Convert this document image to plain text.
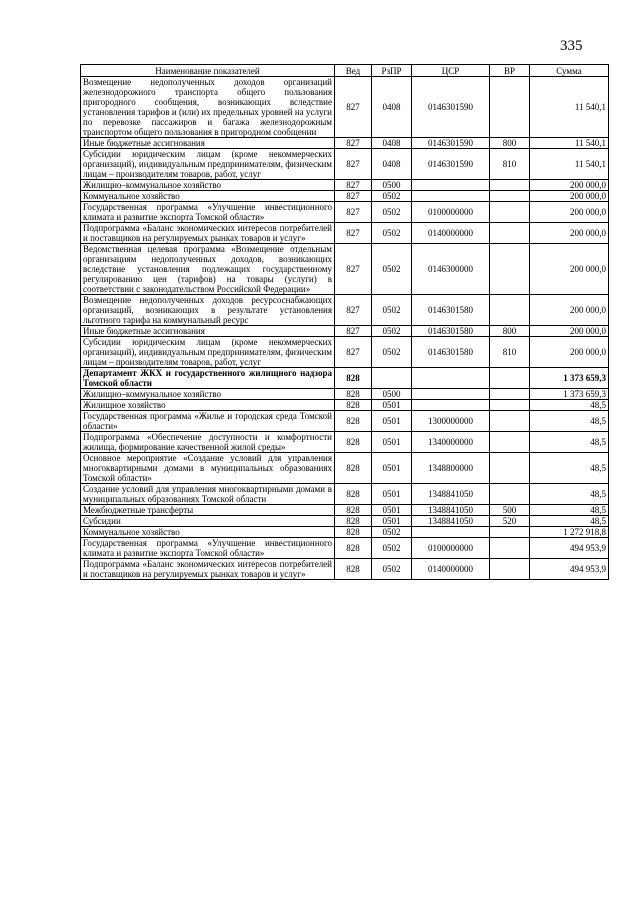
335
Наименование показателей	Вед	РзПР	ЦСР	ВР	Сумма
Возмещение недополученных доходов организаций железнодорожного транспорта общего пользования пригородного сообщения, возникающих вследствие установления тарифов и (или) их предельных уровней на услуги по перевозке пассажиров и багажа железнодорожным транспортом общего пользования в пригородном сообщении	827	0408	0146301590		11 540,1
Иные бюджетные ассигнования	827	0408	0146301590	800	11 540,1
Субсидии юридическим лицам (кроме некоммерческих организаций), индивидуальным предпринимателям, физическим лицам – производителям товаров, работ, услуг	827	0408	0146301590	810	11 540,1
Жилищно–коммунальное хозяйство	827	0500			200 000,0
Коммунальное хозяйство	827	0502			200 000,0
Государственная программа «Улучшение инвестиционного климата и развитие экспорта Томской области»	827	0502	0100000000		200 000,0
Подпрограмма «Баланс экономических интересов потребителей и поставщиков на регулируемых рынках товаров и услуг»	827	0502	0140000000		200 000,0
Ведомственная целевая программа «Возмещение отдельным организациям недополученных доходов, возникающих вследствие установления подлежащих государственному регулированию цен (тарифов) на товары (услуги) в соответствии с законодательством Российской Федерации»	827	0502	0146300000		200 000,0
Возмещение недополученных доходов ресурсоснабжающих организаций, возникающих в результате установления льготного тарифа на коммунальный ресурс	827	0502	0146301580		200 000,0
Иные бюджетные ассигнования	827	0502	0146301580	800	200 000,0
Субсидии юридическим лицам (кроме некоммерческих организаций), индивидуальным предпринимателям, физическим лицам – производителям товаров, работ, услуг	827	0502	0146301580	810	200 000,0
Департамент ЖКХ и государственного жилищного надзора Томской области	828				1 373 659,3
Жилищно–коммунальное хозяйство	828	0500			1 373 659,3
Жилищное хозяйство	828	0501			48,5
Государственная программа «Жилье и городская среда Томской области»	828	0501	1300000000		48,5
Подпрограмма «Обеспечение доступности и комфортности жилища, формирование качественной жилой среды»	828	0501	1340000000		48,5
Основное мероприятие «Создание условий для управления многоквартирными домами в муниципальных образованиях Томской области»	828	0501	1348800000		48,5
Создание условий для управления многоквартирными домами в муниципальных образованиях Томской области	828	0501	1348841050		48,5
Межбюджетные трансферты	828	0501	1348841050	500	48,5
Субсидии	828	0501	1348841050	520	48,5
Коммунальное хозяйство	828	0502			1 272 918,8
Государственная программа «Улучшение инвестиционного климата и развитие экспорта Томской области»	828	0502	0100000000		494 953,9
Подпрограмма «Баланс экономических интересов потребителей и поставщиков на регулируемых рынках товаров и услуг»	828	0502	0140000000		494 953,9
